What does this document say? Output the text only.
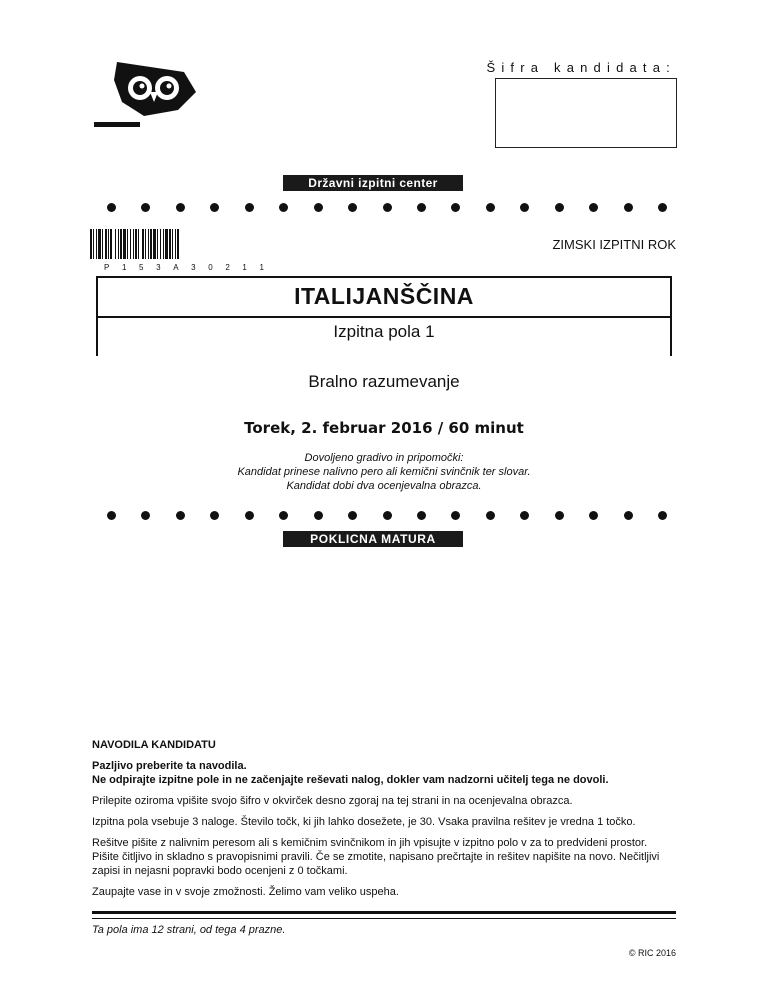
Šifra kandidata:
Državni izpitni center
P 1 5 3 A 3 0 2 1 1
ZIMSKI IZPITNI ROK
ITALIJANŠČINA
Izpitna pola 1
Bralno razumevanje
Torek, 2. februar 2016 / 60 minut
Dovoljeno gradivo in pripomočki:
Kandidat prinese nalivno pero ali kemični svinčnik ter slovar.
Kandidat dobi dva ocenjevalna obrazca.
POKLICNA MATURA

NAVODILA KANDIDATU

Pazljivo preberite ta navodila.

Ne odpirajte izpitne pole in ne začenjajte reševati nalog, dokler vam nadzorni učitelj tega ne dovoli.

Prilepite oziroma vpišite svojo šifro v okvirček desno zgoraj na tej strani in na ocenjevalna obrazca.

Izpitna pola vsebuje 3 naloge. Število točk, ki jih lahko dosežete, je 30. Vsaka pravilna rešitev je vredna 1 točko.

Rešitve pišite z nalivnim peresom ali s kemičnim svinčnikom in jih vpisujte v izpitno polo v za to predvideni prostor. Pišite čitljivo in skladno s pravopisnimi pravili. Če se zmotite, napisano prečrtajte in rešitev napišite na novo. Nečitljivi zapisi in nejasni popravki bodo ocenjeni z 0 točkami.

Zaupajte vase in v svoje zmožnosti. Želimo vam veliko uspeha.

Ta pola ima 12 strani, od tega 4 prazne.
© RIC 2016
